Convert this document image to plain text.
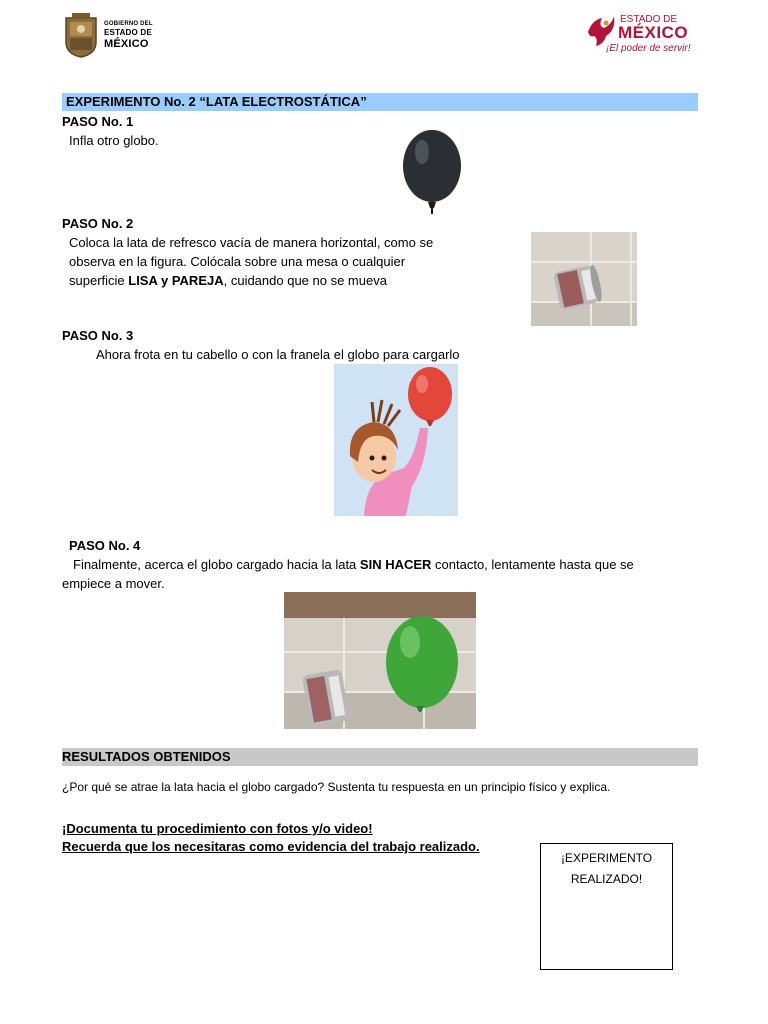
GOBIERNO DEL
ESTADO DE
MÉXICO
ESTADO DE
MÉXICO
¡El poder de servir!
EXPERIMENTO No. 2 “LATA ELECTROSTÁTICA”
PASO No. 1
Infla otro globo.
PASO No. 2
Coloca la lata de refresco vacía de manera horizontal, como se
observa en la figura. Colócala sobre una mesa o cualquier
superficie LISA y PAREJA, cuidando que no se mueva
PASO No. 3
Ahora frota en tu cabello o con la franela el globo para cargarlo
PASO No. 4
Finalmente, acerca el globo cargado hacia la lata SIN HACER contacto, lentamente hasta que se
empiece a mover.
RESULTADOS OBTENIDOS
¿Por qué se atrae la lata hacia el globo cargado? Sustenta tu respuesta en un principio físico y explica.
¡Documenta tu procedimiento con fotos y/o video!
Recuerda que los necesitaras como evidencia del trabajo realizado.
¡EXPERIMENTO
REALIZADO!
